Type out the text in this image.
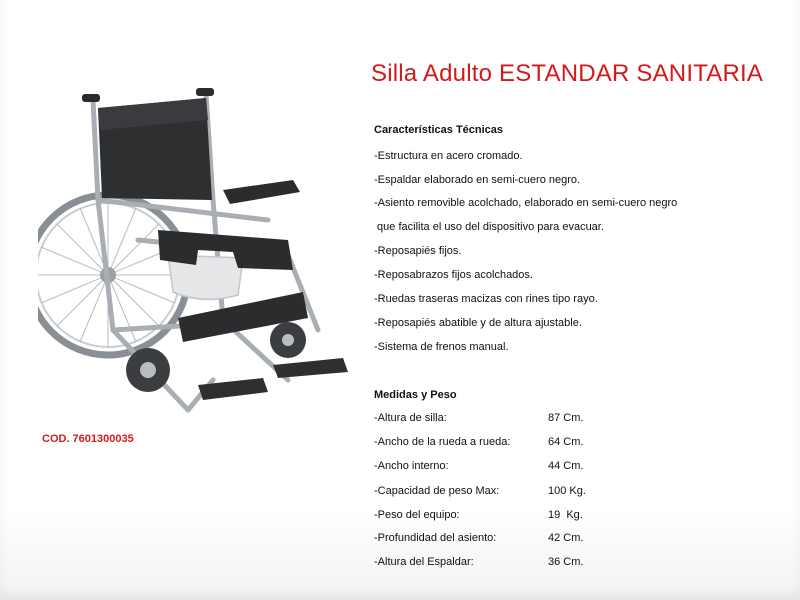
Silla Adulto ESTANDAR SANITARIA
COD. 7601300035
Características Técnicas
-Estructura en acero cromado.
-Espaldar elaborado en semi-cuero negro.
-Asiento removible acolchado, elaborado en semi-cuero negro
que facilita el uso del dispositivo para evacuar.
-Reposapiés fijos.
-Reposabrazos fijos acolchados.
-Ruedas traseras macizas con rines tipo rayo.
-Reposapiés abatible y de altura ajustable.
-Sistema de frenos manual.
Medidas y Peso
-Altura de silla:	87 Cm.
-Ancho de la rueda a rueda:	64 Cm.
-Ancho interno:	44 Cm.
-Capacidad de peso Max:	100 Kg.
-Peso del equipo:	19  Kg.
-Profundidad del asiento:	42 Cm.
-Altura del Espaldar:	36 Cm.
